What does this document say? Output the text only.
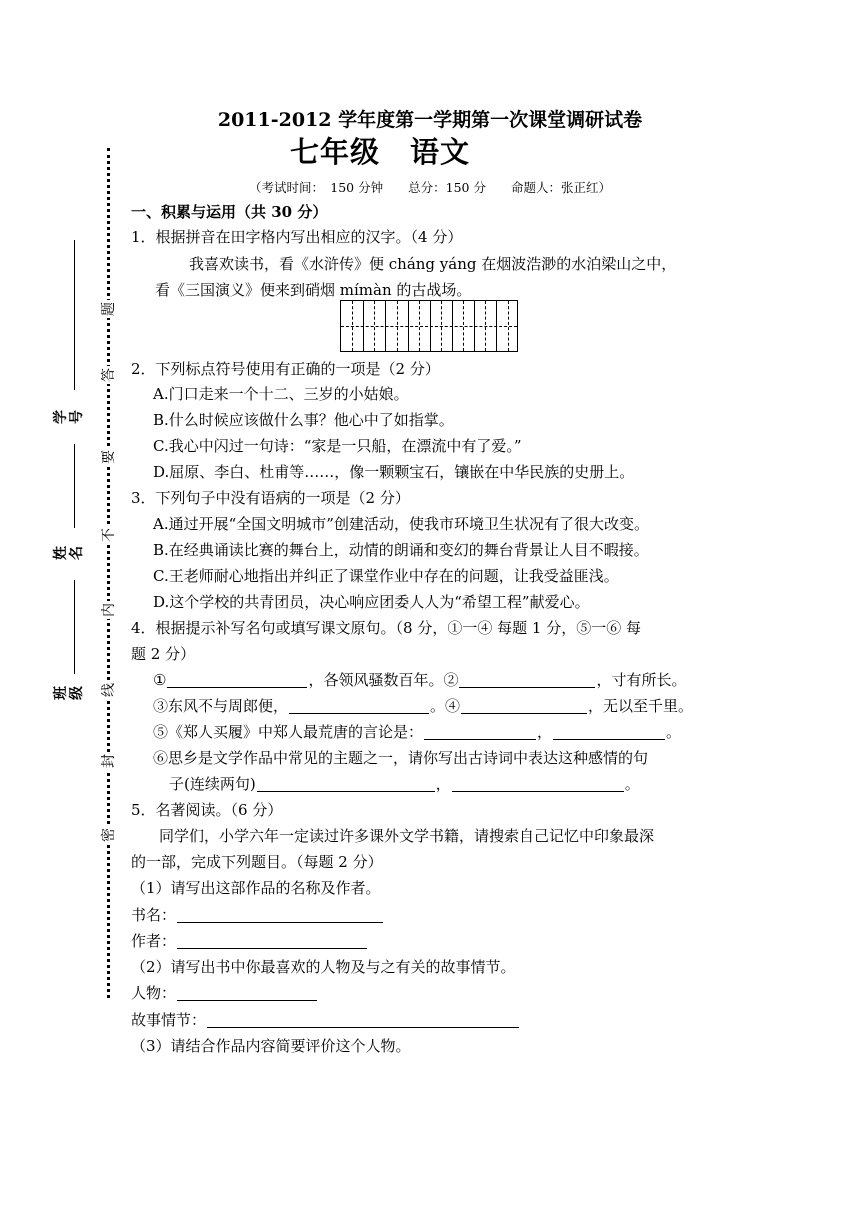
题
答
要
不
内
线
封
密
学号
姓名
班级
2011-2012 学年度第一学期第一次课堂调研试卷
七年级　语文
（考试时间：　150 分钟　　总分：150 分　　命题人：张正红）
一、积累与运用（共 30 分）
1．根据拼音在田字格内写出相应的汉字。（4 分）
我喜欢读书，看《水浒传》便 cháng yáng 在烟波浩渺的水泊梁山之中，
看《三国演义》便来到硝烟 mímàn 的古战场。
2．下列标点符号使用有正确的一项是（2 分）
A.门口走来一个十二、三岁的小姑娘。
B.什么时候应该做什么事？他心中了如指掌。
C.我心中闪过一句诗：“家是一只船，在漂流中有了爱。”
D.屈原、李白、杜甫等……，像一颗颗宝石，镶嵌在中华民族的史册上。
3．下列句子中没有语病的一项是（2 分）
A.通过开展“全国文明城市”创建活动，使我市环境卫生状况有了很大改变。
B.在经典诵读比赛的舞台上，动情的朗诵和变幻的舞台背景让人目不暇接。
C.王老师耐心地指出并纠正了课堂作业中存在的问题，让我受益匪浅。
D.这个学校的共青团员，决心响应团委人人为“希望工程”献爱心。
4．根据提示补写名句或填写课文原句。（8 分，①一④ 每题 1 分，⑤一⑥ 每
题 2 分）
①	，各领风骚数百年。②	，寸有所长。
③东风不与周郎便，	。④	，无以至千里。
⑤《郑人买履》中郑人最荒唐的言论是：	，	。
⑥思乡是文学作品中常见的主题之一，请你写出古诗词中表达这种感情的句
子(连续两句)	，	。
5．名著阅读。（6 分）
同学们，小学六年一定读过许多课外文学书籍，请搜索自己记忆中印象最深
的一部，完成下列题目。（每题 2 分）
（1）请写出这部作品的名称及作者。
书名：
作者：
（2）请写出书中你最喜欢的人物及与之有关的故事情节。
人物：
故事情节：
（3）请结合作品内容简要评价这个人物。
